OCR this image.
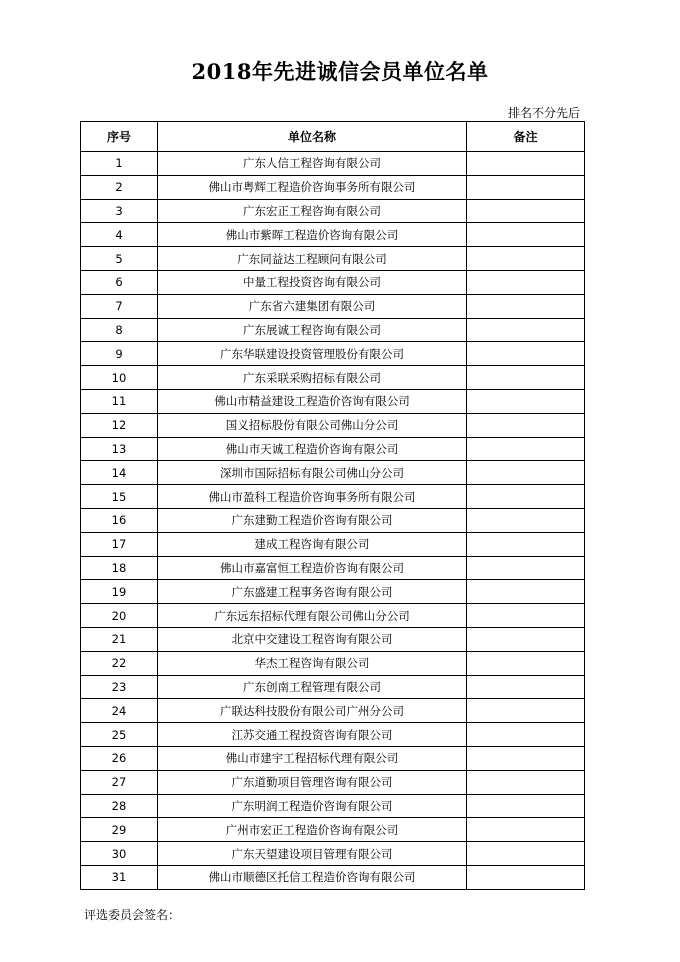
2018年先进诚信会员单位名单
排名不分先后
序号	单位名称	备注
1	广东人信工程咨询有限公司	
2	佛山市粤辉工程造价咨询事务所有限公司	
3	广东宏正工程咨询有限公司	
4	佛山市紫晖工程造价咨询有限公司	
5	广东同益达工程顾问有限公司	
6	中量工程投资咨询有限公司	
7	广东省六建集团有限公司	
8	广东展诚工程咨询有限公司	
9	广东华联建设投资管理股份有限公司	
10	广东采联采购招标有限公司	
11	佛山市精益建设工程造价咨询有限公司	
12	国义招标股份有限公司佛山分公司	
13	佛山市天诚工程造价咨询有限公司	
14	深圳市国际招标有限公司佛山分公司	
15	佛山市盈科工程造价咨询事务所有限公司	
16	广东建勤工程造价咨询有限公司	
17	建成工程咨询有限公司	
18	佛山市嘉富恒工程造价咨询有限公司	
19	广东盛建工程事务咨询有限公司	
20	广东远东招标代理有限公司佛山分公司	
21	北京中交建设工程咨询有限公司	
22	华杰工程咨询有限公司	
23	广东创南工程管理有限公司	
24	广联达科技股份有限公司广州分公司	
25	江苏交通工程投资咨询有限公司	
26	佛山市建宇工程招标代理有限公司	
27	广东道勤项目管理咨询有限公司	
28	广东明润工程造价咨询有限公司	
29	广州市宏正工程造价咨询有限公司	
30	广东天望建设项目管理有限公司	
31	佛山市顺德区托信工程造价咨询有限公司	
评选委员会签名：
